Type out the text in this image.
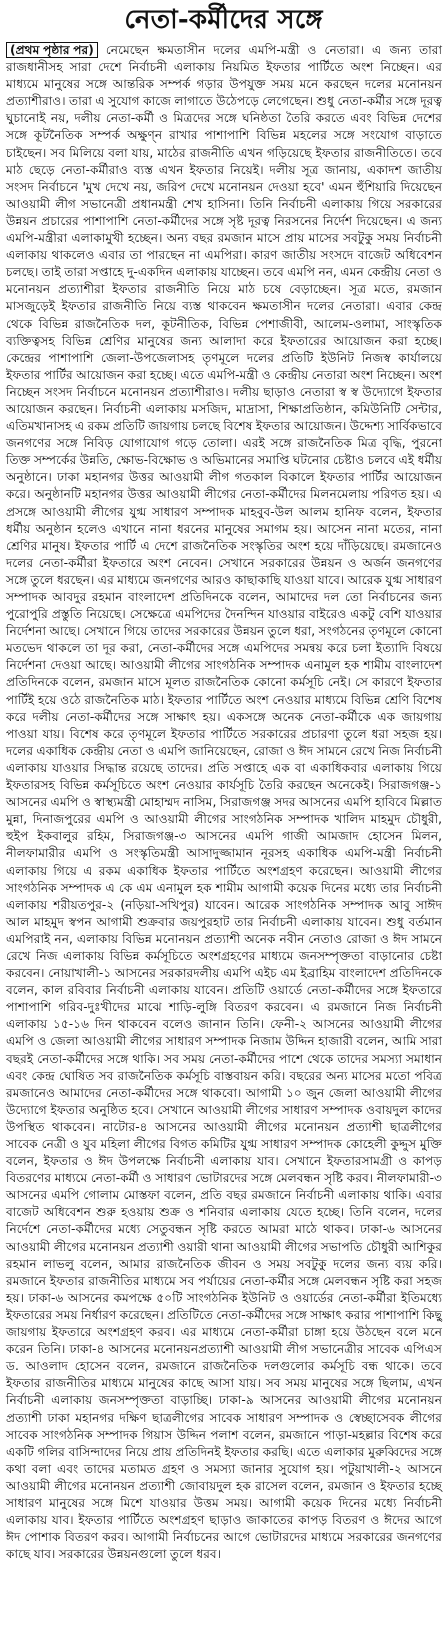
নেতা-কর্মীদের সঙ্গে
(প্রথম পৃষ্ঠার পর) নেমেছেন ক্ষমতাসীন দলের এমপি-মন্ত্রী ও নেতারা। এ জন্য তারা রাজধানীসহ সারা দেশে নির্বাচনী এলাকায় নিয়মিত ইফতার পার্টিতে অংশ নিচ্ছেন। এর মাধ্যমে মানুষের সঙ্গে আন্তরিক সম্পর্ক গড়ার উপযুক্ত সময় মনে করছেন দলের মনোনয়ন প্রত্যাশীরাও। তারা এ সুযোগ কাজে লাগাতে উঠেপড়ে লেগেছেন। শুধু নেতা-কর্মীর সঙ্গে দূরত্ব ঘুচানোই নয়, দলীয় নেতা-কর্মী ও মিত্রদের সঙ্গে ঘনিষ্ঠতা তৈরি করতে এবং বিভিন্ন দেশের সঙ্গে কূটনৈতিক সম্পর্ক অক্ষুণ্ন রাখার পাশাপাশি বিভিন্ন মহলের সঙ্গে সংযোগ বাড়াতে চাইছেন। সব মিলিয়ে বলা যায়, মাঠের রাজনীতি এখন গড়িয়েছে ইফতার রাজনীতিতে। তবে মাঠ ছেড়ে নেতা-কর্মীরাও ব্যস্ত এখন ইফতার নিয়েই। দলীয় সূত্র জানায়, একাদশ জাতীয় সংসদ নির্বাচনে 'মুখ দেখে নয়, জরিপ দেখে মনোনয়ন দেওয়া হবে' এমন হুঁশিয়ারি দিয়েছেন আওয়ামী লীগ সভানেত্রী প্রধানমন্ত্রী শেখ হাসিনা। তিনি নির্বাচনী এলাকায় গিয়ে সরকারের উন্নয়ন প্রচারের পাশাপাশি নেতা-কর্মীদের সঙ্গে সৃষ্ট দূরত্ব নিরসনের নির্দেশ দিয়েছেন। এ জন্য এমপি-মন্ত্রীরা এলাকামুখী হচ্ছেন। অন্য বছর রমজান মাসে প্রায় মাসের সবটুকু সময় নির্বাচনী এলাকায় থাকলেও এবার তা পারছেন না এমপিরা। কারণ জাতীয় সংসদে বাজেট অধিবেশন চলছে। তাই তারা সপ্তাহে দু-একদিন এলাকায় যাচ্ছেন। তবে এমপি নন, এমন কেন্দ্রীয় নেতা ও মনোনয়ন প্রত্যাশীরা ইফতার রাজনীতি নিয়ে মাঠ চষে বেড়াচ্ছেন। সূত্র মতে, রমজান মাসজুড়েই ইফতার রাজনীতি নিয়ে ব্যস্ত থাকবেন ক্ষমতাসীন দলের নেতারা। এবার কেন্দ্র থেকে বিভিন্ন রাজনৈতিক দল, কূটনীতিক, বিভিন্ন পেশাজীবী, আলেম-ওলামা, সাংস্কৃতিক ব্যক্তিত্বসহ বিভিন্ন শ্রেণির মানুষের জন্য আলাদা করে ইফতারের আয়োজন করা হচ্ছে। কেন্দ্রের পাশাপাশি জেলা-উপজেলাসহ তৃণমূলে দলের প্রতিটি ইউনিট নিজস্ব কার্যালয়ে ইফতার পার্টির আয়োজন করা হচ্ছে। এতে এমপি-মন্ত্রী ও কেন্দ্রীয় নেতারা অংশ নিচ্ছেন। অংশ নিচ্ছেন সংসদ নির্বাচনে মনোনয়ন প্রত্যাশীরাও। দলীয় ছাড়াও নেতারা স্ব স্ব উদ্যোগে ইফতার আয়োজন করছেন। নির্বাচনী এলাকায় মসজিদ, মাদ্রাসা, শিক্ষাপ্রতিষ্ঠান, কমিউনিটি সেন্টার, এতিমখানাসহ এ রকম প্রতিটি জায়গায় চলছে বিশেষ ইফতার আয়োজন। উদ্দেশ্য সার্বিকভাবে জনগণের সঙ্গে নিবিড় যোগাযোগ গড়ে তোলা। এরই সঙ্গে রাজনৈতিক মিত্র বৃদ্ধি, পুরনো তিক্ত সম্পর্কের উন্নতি, ক্ষোভ-বিক্ষোভ ও অভিমানের সমাপ্তি ঘটনোর চেষ্টাও চলবে এই ধর্মীয় অনুষ্ঠানে। ঢাকা মহানগর উত্তর আওয়ামী লীগ গতকাল বিকালে ইফতার পার্টির আয়োজন করে। অনুষ্ঠানটি মহানগর উত্তর আওয়ামী লীগের নেতা-কর্মীদের মিলনমেলায় পরিণত হয়। এ প্রসঙ্গে আওয়ামী লীগের যুগ্ম সাধারণ সম্পাদক মাহবুব-উল আলম হানিফ বলেন, ইফতার ধর্মীয় অনুষ্ঠান হলেও এখানে নানা ধরনের মানুষের সমাগম হয়। আসেন নানা মতের, নানা শ্রেণির মানুষ। ইফতার পার্টি এ দেশে রাজনৈতিক সংস্কৃতির অংশ হয়ে দাঁড়িয়েছে। রমজানেও দলের নেতা-কর্মীরা ইফতারে অংশ নেবেন। সেখানে সরকারের উন্নয়ন ও অর্জন জনগণের সঙ্গে তুলে ধরছেন। এর মাধ্যমে জনগণের আরও কাছাকাছি যাওয়া যাবে। আরেক যুগ্ম সাধারণ সম্পাদক আবদুর রহমান বাংলাদেশ প্রতিদিনকে বলেন, আমাদের দল তো নির্বাচনের জন্য পুরোপুরি প্রস্তুতি নিয়েছে। সেক্ষেত্রে এমপিদের দৈনন্দিন যাওয়ার বাইরেও একটু বেশি যাওয়ার নির্দেশনা আছে। সেখানে গিয়ে তাদের সরকারের উন্নয়ন তুলে ধরা, সংগঠনের তৃণমূলে কোনো মতভেদ থাকলে তা দূর করা, নেতা-কর্মীদের সঙ্গে এমপিদের সমন্বয় করে চলা ইত্যাদি বিষয়ে নির্দেশনা দেওয়া আছে। আওয়ামী লীগের সাংগঠনিক সম্পাদক এনামুল হক শামীম বাংলাদেশ প্রতিদিনকে বলেন, রমজান মাসে মূলত রাজনৈতিক কোনো কর্মসূচি নেই। সে কারণে ইফতার পার্টিই হয়ে ওঠে রাজনৈতিক মাঠ। ইফতার পার্টিতে অংশ নেওয়ার মাধ্যমে বিভিন্ন শ্রেণি বিশেষ করে দলীয় নেতা-কর্মীদের সঙ্গে সাক্ষাৎ হয়। একসঙ্গে অনেক নেতা-কর্মীকে এক জায়গায় পাওয়া যায়। বিশেষ করে তৃণমূলে ইফতার পার্টিতে সরকারের প্রচারণা তুলে ধরা সহজ হয়। দলের একাধিক কেন্দ্রীয় নেতা ও এমপি জানিয়েছেন, রোজা ও ঈদ সামনে রেখে নিজ নির্বাচনী এলাকায় যাওয়ার সিদ্ধান্ত রয়েছে তাদের। প্রতি সপ্তাহে এক বা একাধিকবার এলাকায় গিয়ে ইফতারসহ বিভিন্ন কর্মসূচিতে অংশ নেওয়ার কার্যসূচি তৈরি করছেন অনেকেই। সিরাজগঞ্জ-১ আসনের এমপি ও স্বাস্থ্যমন্ত্রী মোহাম্মদ নাসিম, সিরাজগঞ্জ সদর আসনের এমপি হাবিবে মিল্লাত মুন্না, দিনাজপুরের এমপি ও আওয়ামী লীগের সাংগঠনিক সম্পাদক খালিদ মাহমুদ চৌধুরী, হুইপ ইকবালুর রহিম, সিরাজগঞ্জ-৩ আসনের এমপি গাজী আমজাদ হোসেন মিলন, নীলফামারীর এমপি ও সংস্কৃতিমন্ত্রী আসাদুজ্জামান নূরসহ একাধিক এমপি-মন্ত্রী নির্বাচনী এলাকায় গিয়ে এ রকম একাধিক ইফতার পার্টিতে অংশগ্রহণ করেছেন। আওয়ামী লীগের সাংগঠনিক সম্পাদক এ কে এম এনামুল হক শামীম আগামী কয়েক দিনের মধ্যে তার নির্বাচনী এলাকায় শরীয়তপুর-২ (নড়িয়া-সখিপুর) যাবেন। আরেক সাংগঠনিক সম্পাদক আবু সাঈদ আল মাহমুদ স্বপন আগামী শুক্রবার জয়পুরহাট তার নির্বাচনী এলাকায় যাবেন। শুধু বর্তমান এমপিরাই নন, এলাকায় বিভিন্ন মনোনয়ন প্রত্যাশী অনেক নবীন নেতাও রোজা ও ঈদ সামনে রেখে নিজ এলাকায় বিভিন্ন কর্মসূচিতে অংশগ্রহণের মাধ্যমে জনসম্পৃক্ততা বাড়ানোর চেষ্টা করবেন। নোয়াখালী-১ আসনের সরকারদলীয় এমপি এইচ এম ইব্রাহিম বাংলাদেশ প্রতিদিনকে বলেন, কাল রবিবার নির্বাচনী এলাকায় যাবেন। প্রতিটি ওয়ার্ডে নেতা-কর্মীদের সঙ্গে ইফতারে পাশাপাশি গরিব-দুঃখীদের মাঝে শাড়ি-লুঙ্গি বিতরণ করবেন। এ রমজানে নিজ নির্বাচনী এলাকায় ১৫-১৬ দিন থাকবেন বলেও জানান তিনি। ফেনী-২ আসনের আওয়ামী লীগের এমপি ও জেলা আওয়ামী লীগের সাধারণ সম্পাদক নিজাম উদ্দিন হাজারী বলেন, আমি সারা বছরই নেতা-কর্মীদের সঙ্গে থাকি। সব সময় নেতা-কর্মীদের পাশে থেকে তাদের সমস্যা সমাধান এবং কেন্দ্র ঘোষিত সব রাজনৈতিক কর্মসূচি বাস্তবায়ন করি। বছরের অন্য মাসের মতো পবিত্র রমজানেও আমাদের নেতা-কর্মীদের সঙ্গে থাকবো। আগামী ১০ জুন জেলা আওয়ামী লীগের উদ্যোগে ইফতার অনুষ্ঠিত হবে। সেখানে আওয়ামী লীগের সাধারণ সম্পাদক ওবায়দুল কাদের উপস্থিত থাকবেন। নাটোর-৪ আসনের আওয়ামী লীগের মনোনয়ন প্রত্যাশী ছাত্রলীগের সাবেক নেত্রী ও যুব মহিলা লীগের বিগত কমিটির যুগ্ম সাধারণ সম্পাদক কোহেলী কুদ্দুস মুক্তি বলেন, ইফতার ও ঈদ উপলক্ষে নির্বাচনী এলাকায় যাব। সেখানে ইফতারসামগ্রী ও কাপড় বিতরণের মাধ্যমে নেতা-কর্মী ও সাধারণ ভোটারদের সঙ্গে মেলবন্ধন সৃষ্টি করব। নীলফামারী-৩ আসনের এমপি গোলাম মোস্তফা বলেন, প্রতি বছর রমজানে নির্বাচনী এলাকায় থাকি। এবার বাজেট অধিবেশন শুরু হওয়ায় শুক্র ও শনিবার এলাকায় যেতে হচ্ছে। তিনি বলেন, দলের নির্দেশে নেতা-কর্মীদের মধ্যে সেতুবন্ধন সৃষ্টি করতে আমরা মাঠে থাকব। ঢাকা-৬ আসনের আওয়ামী লীগের মনোনয়ন প্রত্যাশী ওয়ারী থানা আওয়ামী লীগের সভাপতি চৌধুরী আশিকুর রহমান লাভলু বলেন, আমার রাজনৈতিক জীবন ও সময় সবটুকু দলের জন্য ব্যয় করি। রমজানে ইফতার রাজনীতির মাধ্যমে সব পর্যায়ের নেতা-কর্মীর সঙ্গে মেলবন্ধন সৃষ্টি করা সহজ হয়। ঢাকা-৬ আসনের কমপক্ষে ৫০টি সাংগঠনিক ইউনিট ও ওয়ার্ডের নেতা-কর্মীরা ইতিমধ্যে ইফতারের সময় নির্ধারণ করেছেন। প্রতিটিতে নেতা-কর্মীদের সঙ্গে সাক্ষাৎ করার পাশাপাশি কিছু জায়গায় ইফতারে অংশগ্রহণ করব। এর মাধ্যমে নেতা-কর্মীরা চাঙ্গা হয়ে উঠছেন বলে মনে করেন তিনি। ঢাকা-৪ আসনের মনোনয়নপ্রত্যাশী আওয়ামী লীগ সভানেত্রীর সাবেক এপিএস ড. আওলাদ হোসেন বলেন, রমজানে রাজনৈতিক দলগুলোর কর্মসূচি বন্ধ থাকে। তবে ইফতার রাজনীতির মাধ্যমে মানুষের কাছে আসা যায়। সব সময় মানুষের সঙ্গে ছিলাম, এখন নির্বাচনী এলাকায় জনসম্পৃক্ততা বাড়াচ্ছি। ঢাকা-৯ আসনের আওয়ামী লীগের মনোনয়ন প্রত্যাশী ঢাকা মহানগর দক্ষিণ ছাত্রলীগের সাবেক সাধারণ সম্পাদক ও স্বেচ্ছাসেবক লীগের সাবেক সাংগঠনিক সম্পাদক গিয়াস উদ্দিন পলাশ বলেন, রমজানে পাড়া-মহল্লার বিশেষ করে একটি গলির বাসিন্দাদের নিয়ে প্রায় প্রতিদিনই ইফতার করছি। এতে এলাকার মুরুব্বিদের সঙ্গে কথা বলা এবং তাদের মতামত গ্রহণ ও সমস্যা জানার সুযোগ হয়। পটুয়াখালী-২ আসনে আওয়ামী লীগের মনোনয়ন প্রত্যাশী জোবায়দুল হক রাসেল বলেন, রমজান ও ইফতার হচ্ছে সাধারণ মানুষের সঙ্গে মিশে যাওয়ার উত্তম সময়। আগামী কয়েক দিনের মধ্যে নির্বাচনী এলাকায় যাব। ইফতার পার্টিতে অংশগ্রহণ ছাড়াও জাকাতের কাপড় বিতরণ ও ঈদের আগে ঈদ পোশাক বিতরণ করব। আগামী নির্বাচনের আগে ভোটারদের মাধ্যমে সরকারের জনগণের কাছে যাব। সরকারের উন্নয়নগুলো তুলে ধরব।
